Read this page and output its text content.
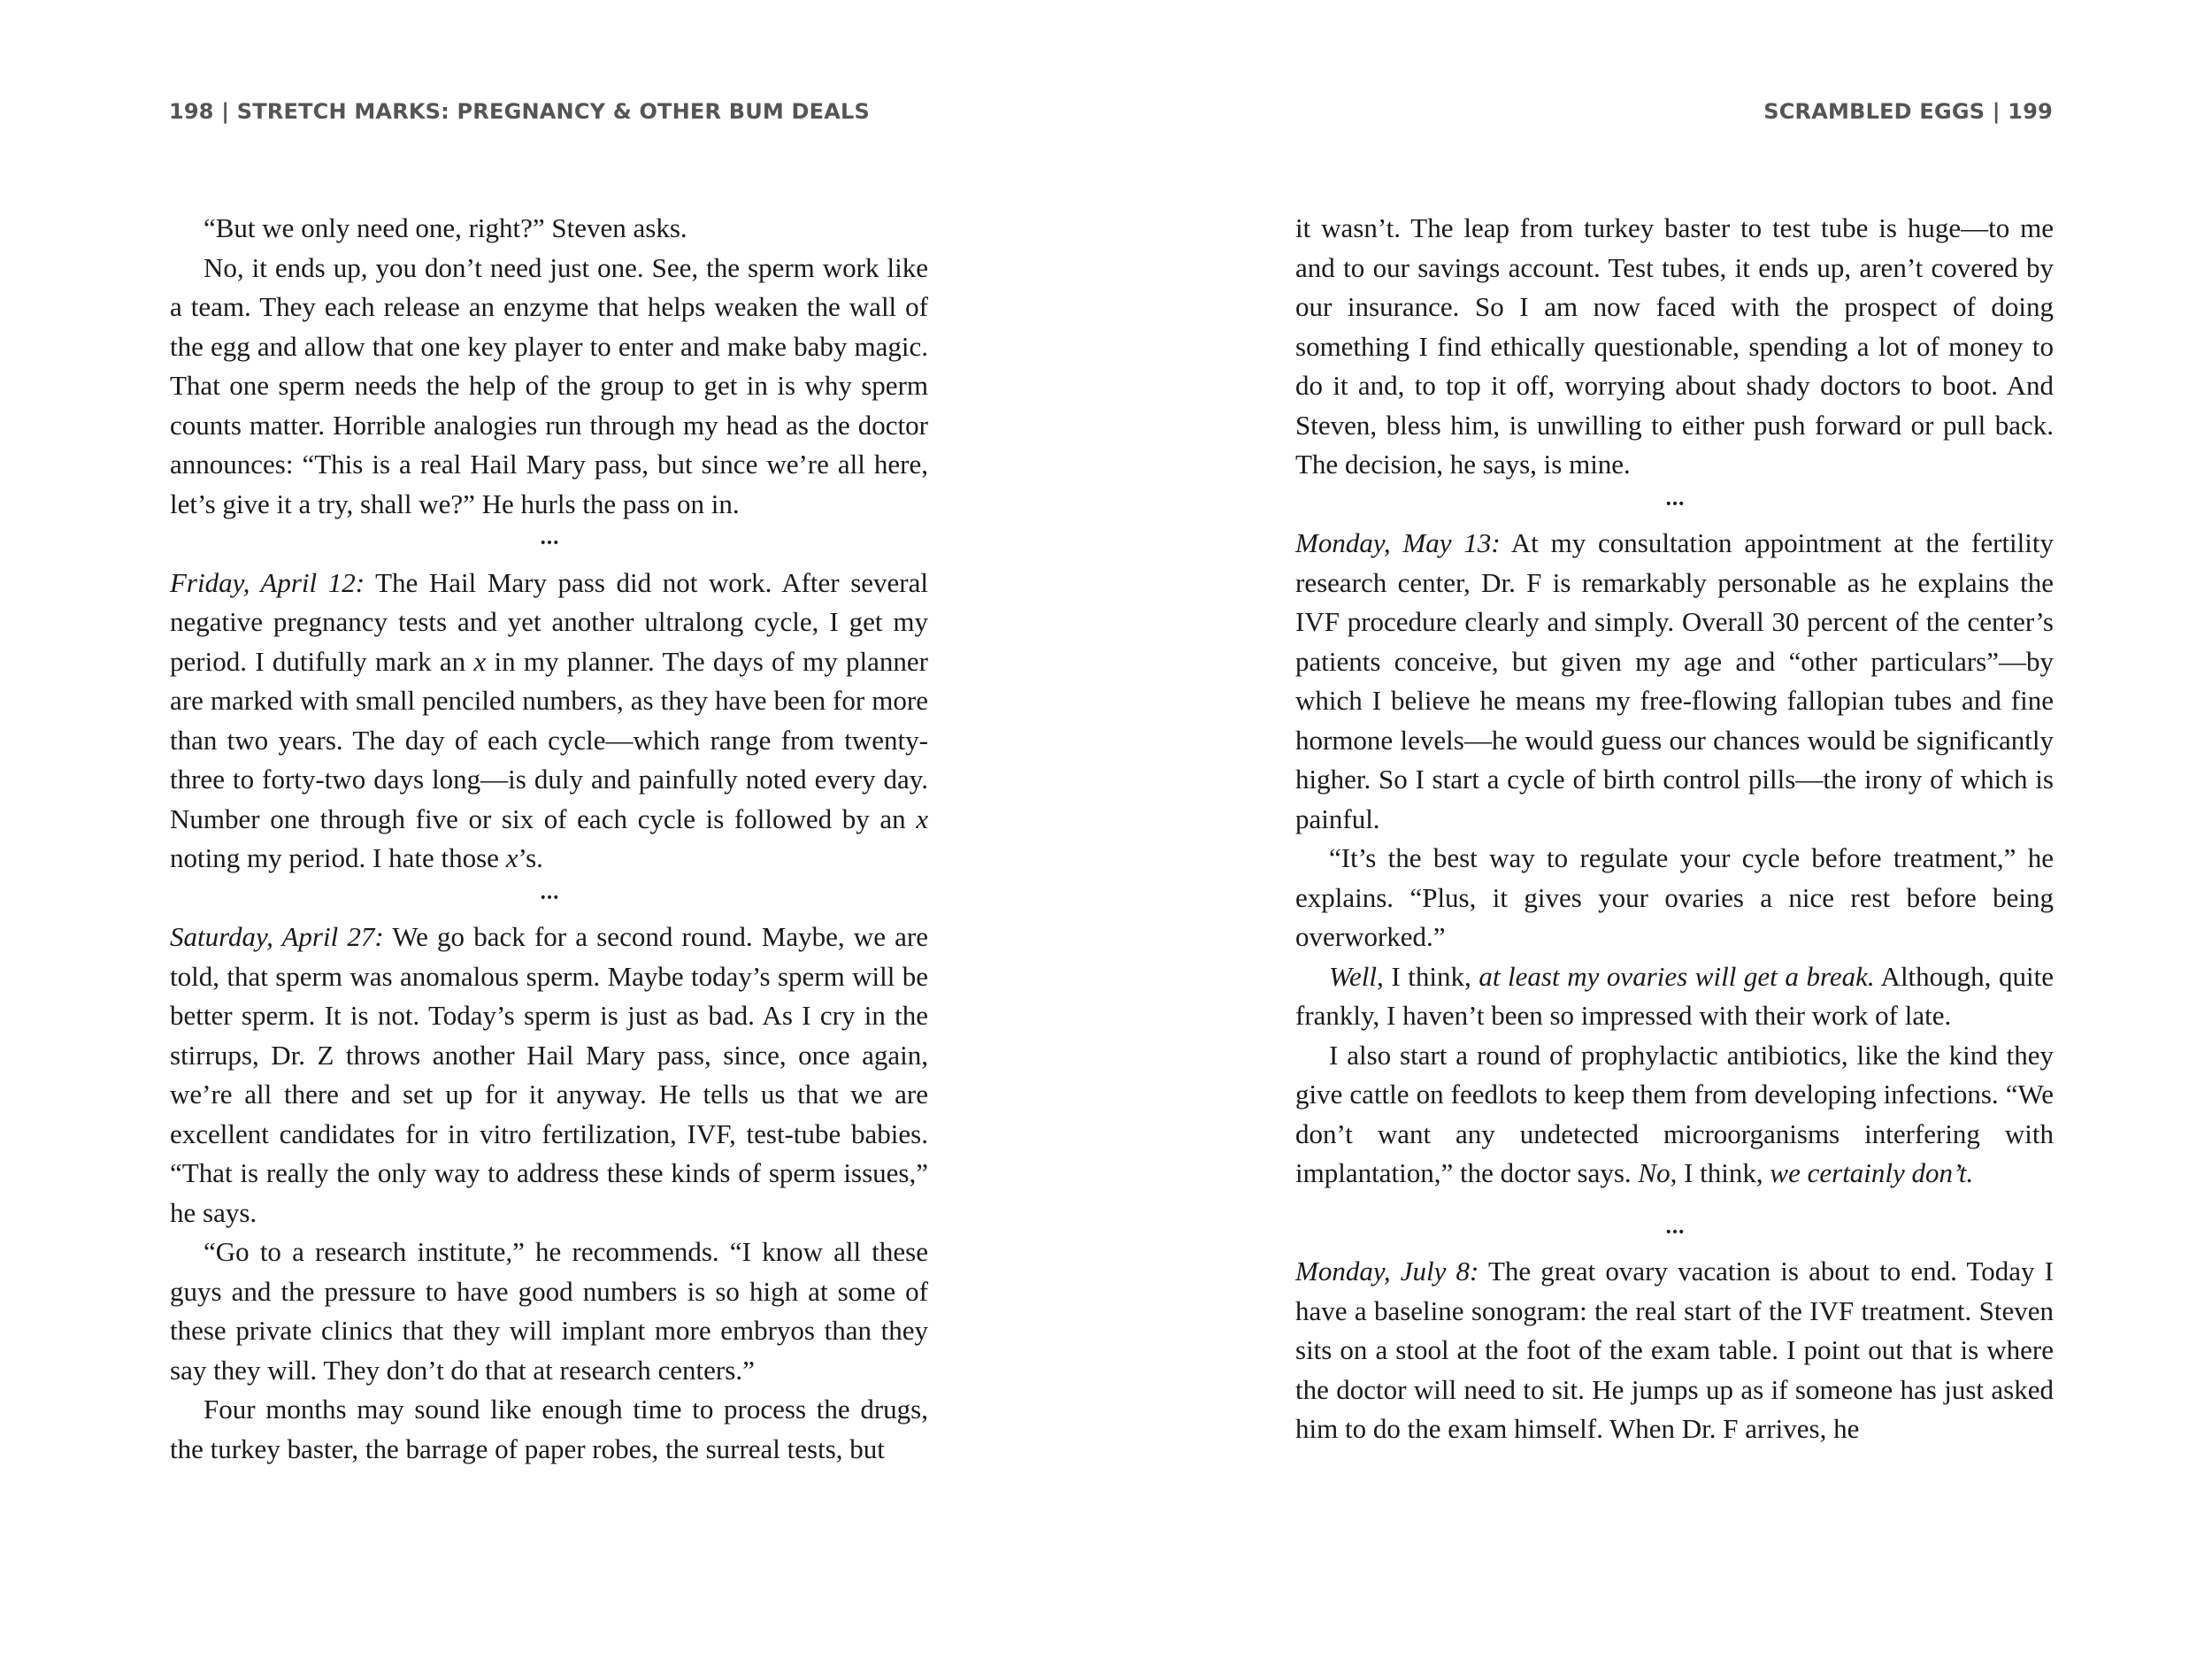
198 | STRETCH MARKS: PREGNANCY & OTHER BUM DEALS

“But we only need one, right?” Steven asks.

No, it ends up, you don’t need just one. See, the sperm work like a team. They each release an enzyme that helps weaken the wall of the egg and allow that one key player to enter and make baby magic. That one sperm needs the help of the group to get in is why sperm counts matter. Horrible analogies run through my head as the doctor announces: “This is a real Hail Mary pass, but since we’re all here, let’s give it a try, shall we?” He hurls the pass on in.

•••

Friday, April 12: The Hail Mary pass did not work. After several negative pregnancy tests and yet another ultralong cycle, I get my period. I dutifully mark an x in my planner. The days of my planner are marked with small penciled numbers, as they have been for more than two years. The day of each cycle—which range from twenty-three to forty-two days long—is duly and painfully noted every day. Number one through five or six of each cycle is followed by an x noting my period. I hate those x’s.

•••

Saturday, April 27: We go back for a second round. Maybe, we are told, that sperm was anomalous sperm. Maybe today’s sperm will be better sperm. It is not. Today’s sperm is just as bad. As I cry in the stirrups, Dr. Z throws another Hail Mary pass, since, once again, we’re all there and set up for it anyway. He tells us that we are excellent candidates for in vitro fertilization, IVF, test-tube babies. “That is really the only way to address these kinds of sperm issues,” he says.

“Go to a research institute,” he recommends. “I know all these guys and the pressure to have good numbers is so high at some of these private clinics that they will implant more embryos than they say they will. They don’t do that at research centers.”

Four months may sound like enough time to process the drugs, the turkey baster, the barrage of paper robes, the surreal tests, but

SCRAMBLED EGGS | 199

it wasn’t. The leap from turkey baster to test tube is huge—to me and to our savings account. Test tubes, it ends up, aren’t covered by our insurance. So I am now faced with the prospect of doing something I find ethically questionable, spending a lot of money to do it and, to top it off, worrying about shady doctors to boot. And Steven, bless him, is unwilling to either push forward or pull back. The decision, he says, is mine.

•••

Monday, May 13: At my consultation appointment at the fertility research center, Dr. F is remarkably personable as he explains the IVF procedure clearly and simply. Overall 30 percent of the center’s patients conceive, but given my age and “other particulars”—by which I believe he means my free-flowing fallopian tubes and fine hormone levels—he would guess our chances would be significantly higher. So I start a cycle of birth control pills—the irony of which is painful.

“It’s the best way to regulate your cycle before treatment,” he explains. “Plus, it gives your ovaries a nice rest before being overworked.”

Well, I think, at least my ovaries will get a break. Although, quite frankly, I haven’t been so impressed with their work of late.

I also start a round of prophylactic antibiotics, like the kind they give cattle on feedlots to keep them from developing infections. “We don’t want any undetected microorganisms interfering with implantation,” the doctor says. No, I think, we certainly don’t.

•••

Monday, July 8: The great ovary vacation is about to end. Today I have a baseline sonogram: the real start of the IVF treatment. Steven sits on a stool at the foot of the exam table. I point out that is where the doctor will need to sit. He jumps up as if someone has just asked him to do the exam himself. When Dr. F arrives, he
